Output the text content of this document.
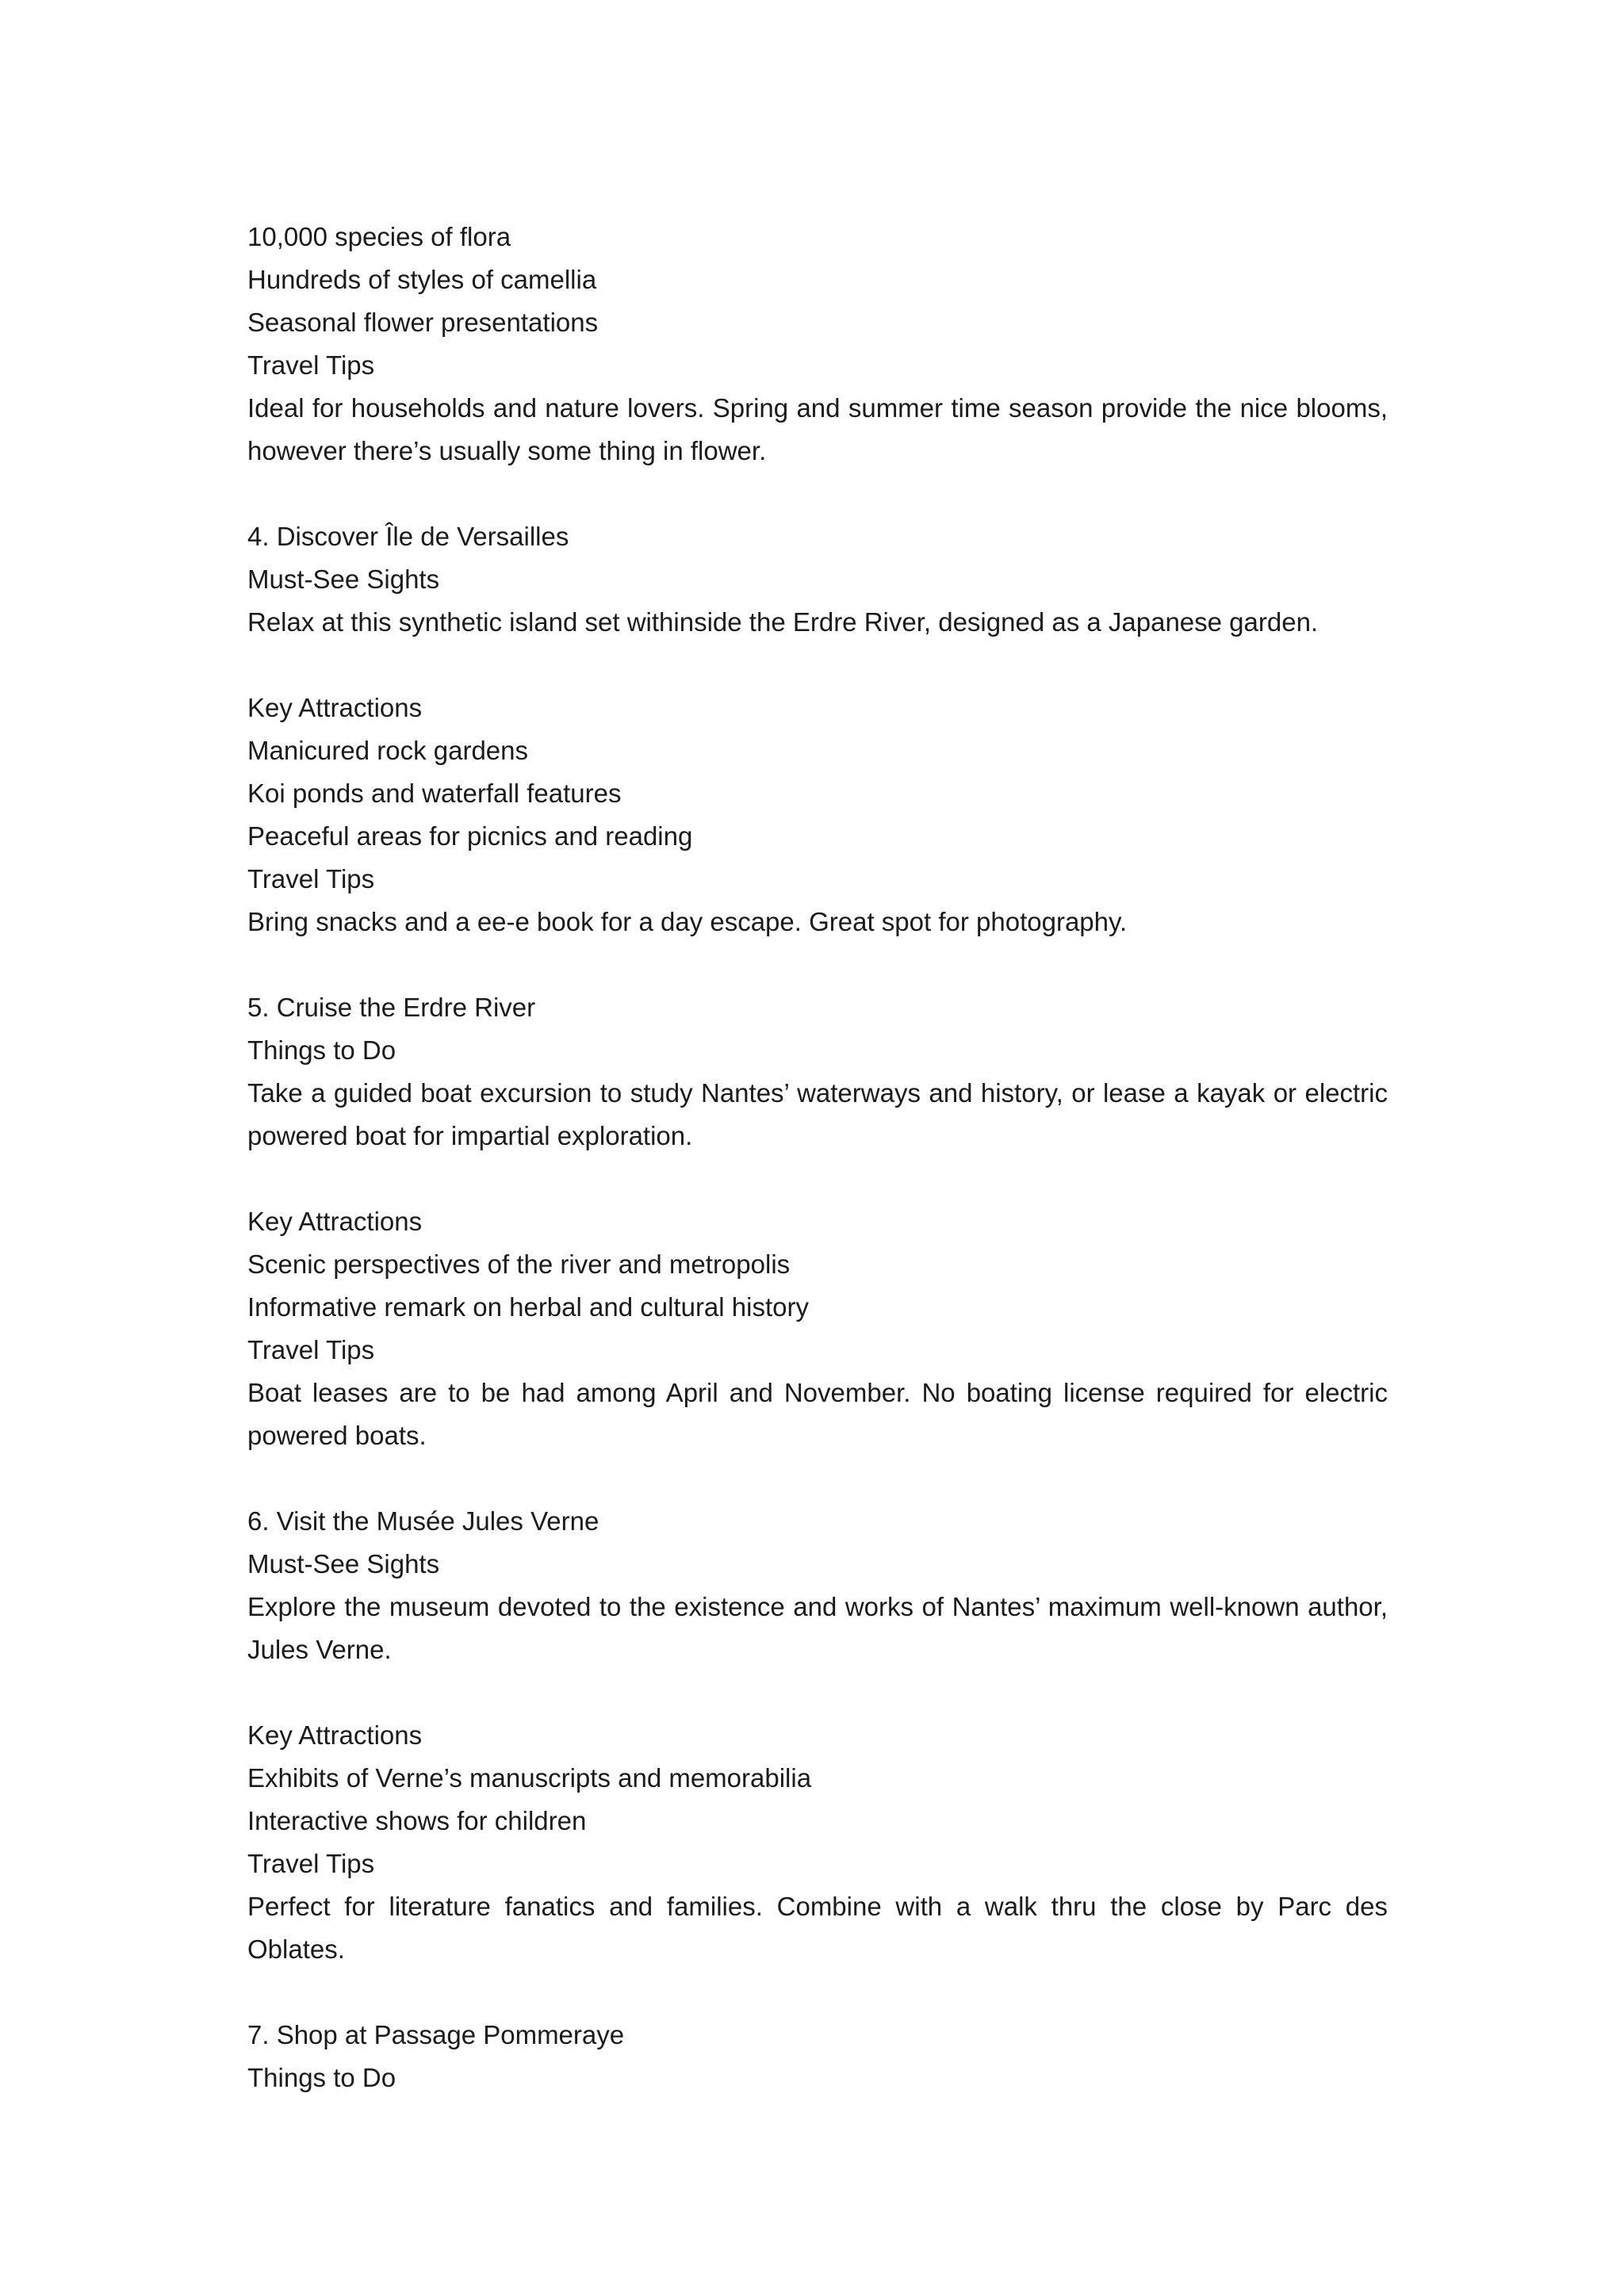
10,000 species of flora
Hundreds of styles of camellia
Seasonal flower presentations
Travel Tips
Ideal for households and nature lovers. Spring and summer time season provide the nice blooms, however there’s usually some thing in flower.
4. Discover Île de Versailles
Must-See Sights
Relax at this synthetic island set withinside the Erdre River, designed as a Japanese garden.
Key Attractions
Manicured rock gardens
Koi ponds and waterfall features
Peaceful areas for picnics and reading
Travel Tips
Bring snacks and a ee-e book for a day escape. Great spot for photography.
5. Cruise the Erdre River
Things to Do
Take a guided boat excursion to study Nantes’ waterways and history, or lease a kayak or electric powered boat for impartial exploration.
Key Attractions
Scenic perspectives of the river and metropolis
Informative remark on herbal and cultural history
Travel Tips
Boat leases are to be had among April and November. No boating license required for electric powered boats.
6. Visit the Musée Jules Verne
Must-See Sights
Explore the museum devoted to the existence and works of Nantes’ maximum well-known author, Jules Verne.
Key Attractions
Exhibits of Verne’s manuscripts and memorabilia
Interactive shows for children
Travel Tips
Perfect for literature fanatics and families. Combine with a walk thru the close by Parc des Oblates.
7. Shop at Passage Pommeraye
Things to Do
